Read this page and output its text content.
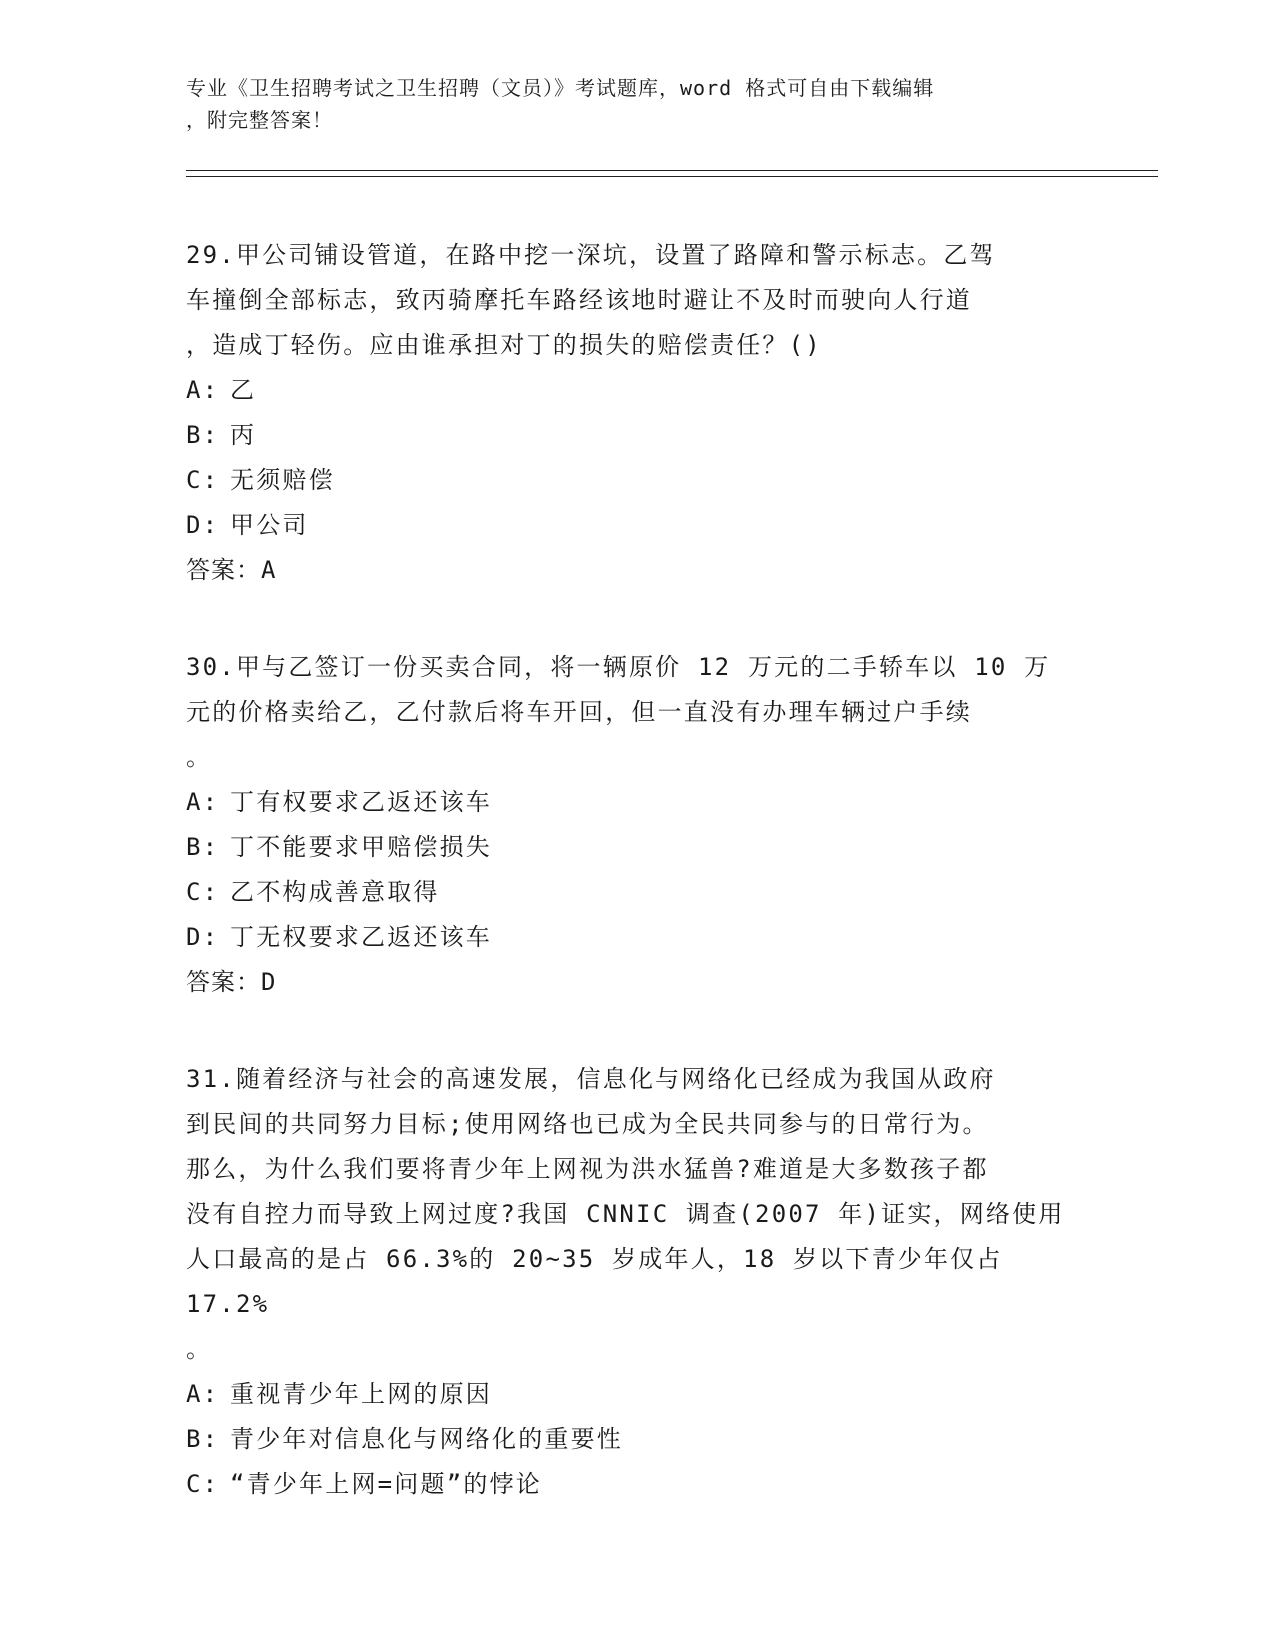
专业《卫生招聘考试之卫生招聘（文员）》考试题库，word 格式可自由下载编辑
，附完整答案！
29.甲公司铺设管道，在路中挖一深坑，设置了路障和警示标志。乙驾
车撞倒全部标志，致丙骑摩托车路经该地时避让不及时而驶向人行道
，造成丁轻伤。应由谁承担对丁的损失的赔偿责任？()
A: 乙
B: 丙
C: 无须赔偿
D: 甲公司
答案：A
30.甲与乙签订一份买卖合同，将一辆原价 12 万元的二手轿车以 10 万
元的价格卖给乙，乙付款后将车开回，但一直没有办理车辆过户手续
。
A: 丁有权要求乙返还该车
B: 丁不能要求甲赔偿损失
C: 乙不构成善意取得
D: 丁无权要求乙返还该车
答案：D
31.随着经济与社会的高速发展，信息化与网络化已经成为我国从政府
到民间的共同努力目标;使用网络也已成为全民共同参与的日常行为。
那么，为什么我们要将青少年上网视为洪水猛兽?难道是大多数孩子都
没有自控力而导致上网过度?我国 CNNIC 调查(2007 年)证实，网络使用
人口最高的是占 66.3%的 20~35 岁成年人，18 岁以下青少年仅占 17.2%
。
A: 重视青少年上网的原因
B: 青少年对信息化与网络化的重要性
C: “青少年上网=问题”的悖论
